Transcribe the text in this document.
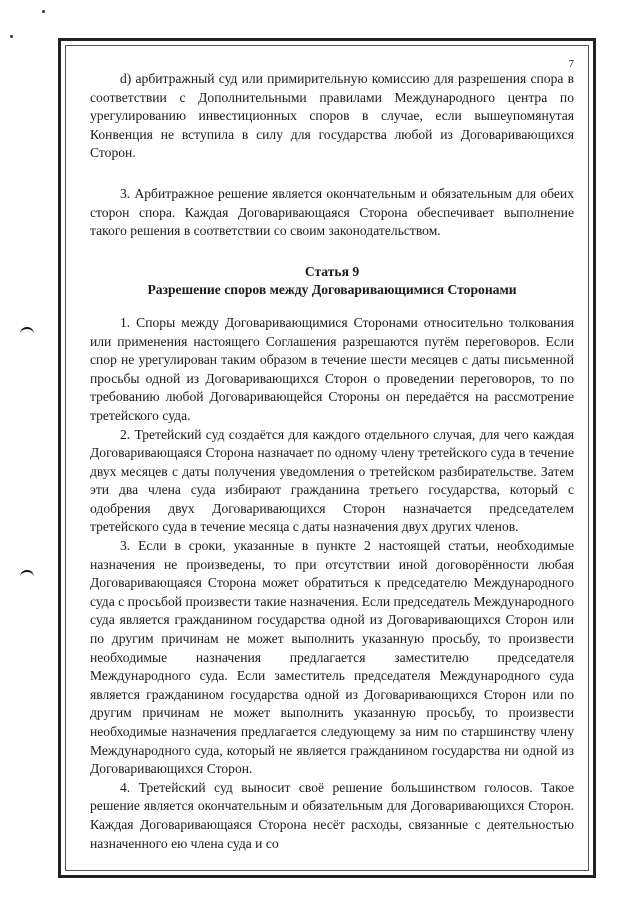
7

d) арбитражный суд или примирительную комиссию для разрешения спора в соответствии с Дополнительными правилами Международного центра по урегулированию инвестиционных споров в случае, если вышеупомянутая Конвенция не вступила в силу для государства любой из Договаривающихся Сторон.

3. Арбитражное решение является окончательным и обязательным для обеих сторон спора. Каждая Договаривающаяся Сторона обеспечивает выполнение такого решения в соответствии со своим законодательством.

Статья 9

Разрешение споров между Договаривающимися Сторонами

1. Споры между Договаривающимися Сторонами относительно толкования или применения настоящего Соглашения разрешаются путём переговоров. Если спор не урегулирован таким образом в течение шести месяцев с даты письменной просьбы одной из Договаривающихся Сторон о проведении переговоров, то по требованию любой Договаривающейся Стороны он передаётся на рассмотрение третейского суда.

2. Третейский суд создаётся для каждого отдельного случая, для чего каждая Договаривающаяся Сторона назначает по одному члену третейского суда в течение двух месяцев с даты получения уведомления о третейском разбирательстве. Затем эти два члена суда избирают гражданина третьего государства, который с одобрения двух Договаривающихся Сторон назначается председателем третейского суда в течение месяца с даты назначения двух других членов.

3. Если в сроки, указанные в пункте 2 настоящей статьи, необходимые назначения не произведены, то при отсутствии иной договорённости любая Договаривающаяся Сторона может обратиться к председателю Международного суда с просьбой произвести такие назначения. Если председатель Международного суда является гражданином государства одной из Договаривающихся Сторон или по другим причинам не может выполнить указанную просьбу, то произвести необходимые назначения предлагается заместителю председателя Международного суда. Если заместитель председателя Международного суда является гражданином государства одной из Договаривающихся Сторон или по другим причинам не может выполнить указанную просьбу, то произвести необходимые назначения предлагается следующему за ним по старшинству члену Международного суда, который не является гражданином государства ни одной из Договаривающихся Сторон.

4. Третейский суд выносит своё решение большинством голосов. Такое решение является окончательным и обязательным для Договаривающихся Сторон. Каждая Договаривающаяся Сторона несёт расходы, связанные с деятельностью назначенного ею члена суда и со
